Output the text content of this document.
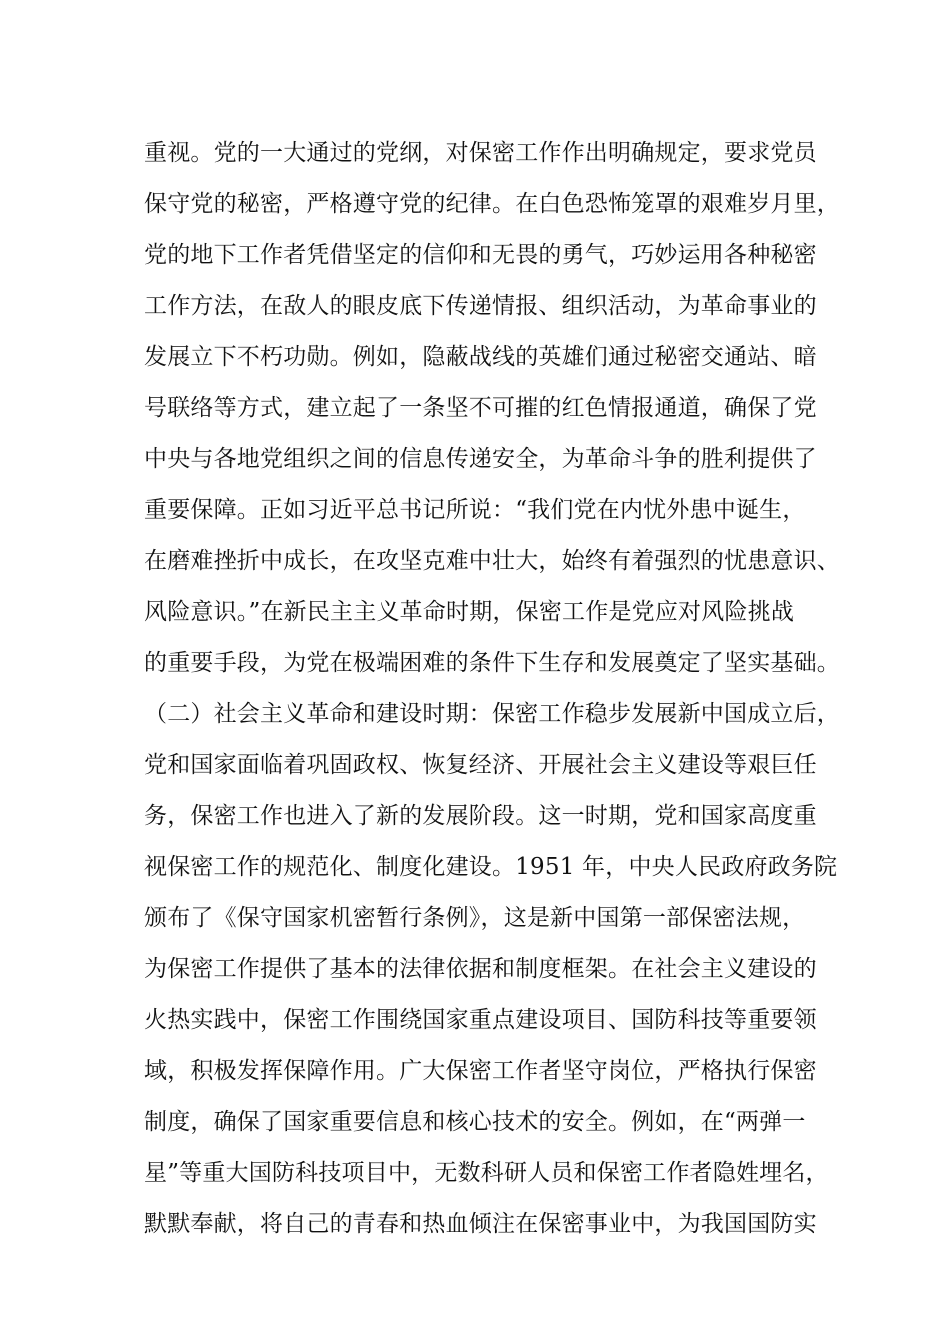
重视。党的一大通过的党纲，对保密工作作出明确规定，要求党员
保守党的秘密，严格遵守党的纪律。在白色恐怖笼罩的艰难岁月里，
党的地下工作者凭借坚定的信仰和无畏的勇气，巧妙运用各种秘密
工作方法，在敌人的眼皮底下传递情报、组织活动，为革命事业的
发展立下不朽功勋。例如，隐蔽战线的英雄们通过秘密交通站、暗
号联络等方式，建立起了一条坚不可摧的红色情报通道，确保了党
中央与各地党组织之间的信息传递安全，为革命斗争的胜利提供了
重要保障。正如习近平总书记所说：“我们党在内忧外患中诞生，
在磨难挫折中成长，在攻坚克难中壮大，始终有着强烈的忧患意识、
风险意识。”在新民主主义革命时期，保密工作是党应对风险挑战
的重要手段，为党在极端困难的条件下生存和发展奠定了坚实基础。
（二）社会主义革命和建设时期：保密工作稳步发展新中国成立后，
党和国家面临着巩固政权、恢复经济、开展社会主义建设等艰巨任
务，保密工作也进入了新的发展阶段。这一时期，党和国家高度重
视保密工作的规范化、制度化建设。1951 年，中央人民政府政务院
颁布了《保守国家机密暂行条例》，这是新中国第一部保密法规，
为保密工作提供了基本的法律依据和制度框架。在社会主义建设的
火热实践中，保密工作围绕国家重点建设项目、国防科技等重要领
域，积极发挥保障作用。广大保密工作者坚守岗位，严格执行保密
制度，确保了国家重要信息和核心技术的安全。例如，在“两弹一
星”等重大国防科技项目中，无数科研人员和保密工作者隐姓埋名，
默默奉献，将自己的青春和热血倾注在保密事业中，为我国国防实
